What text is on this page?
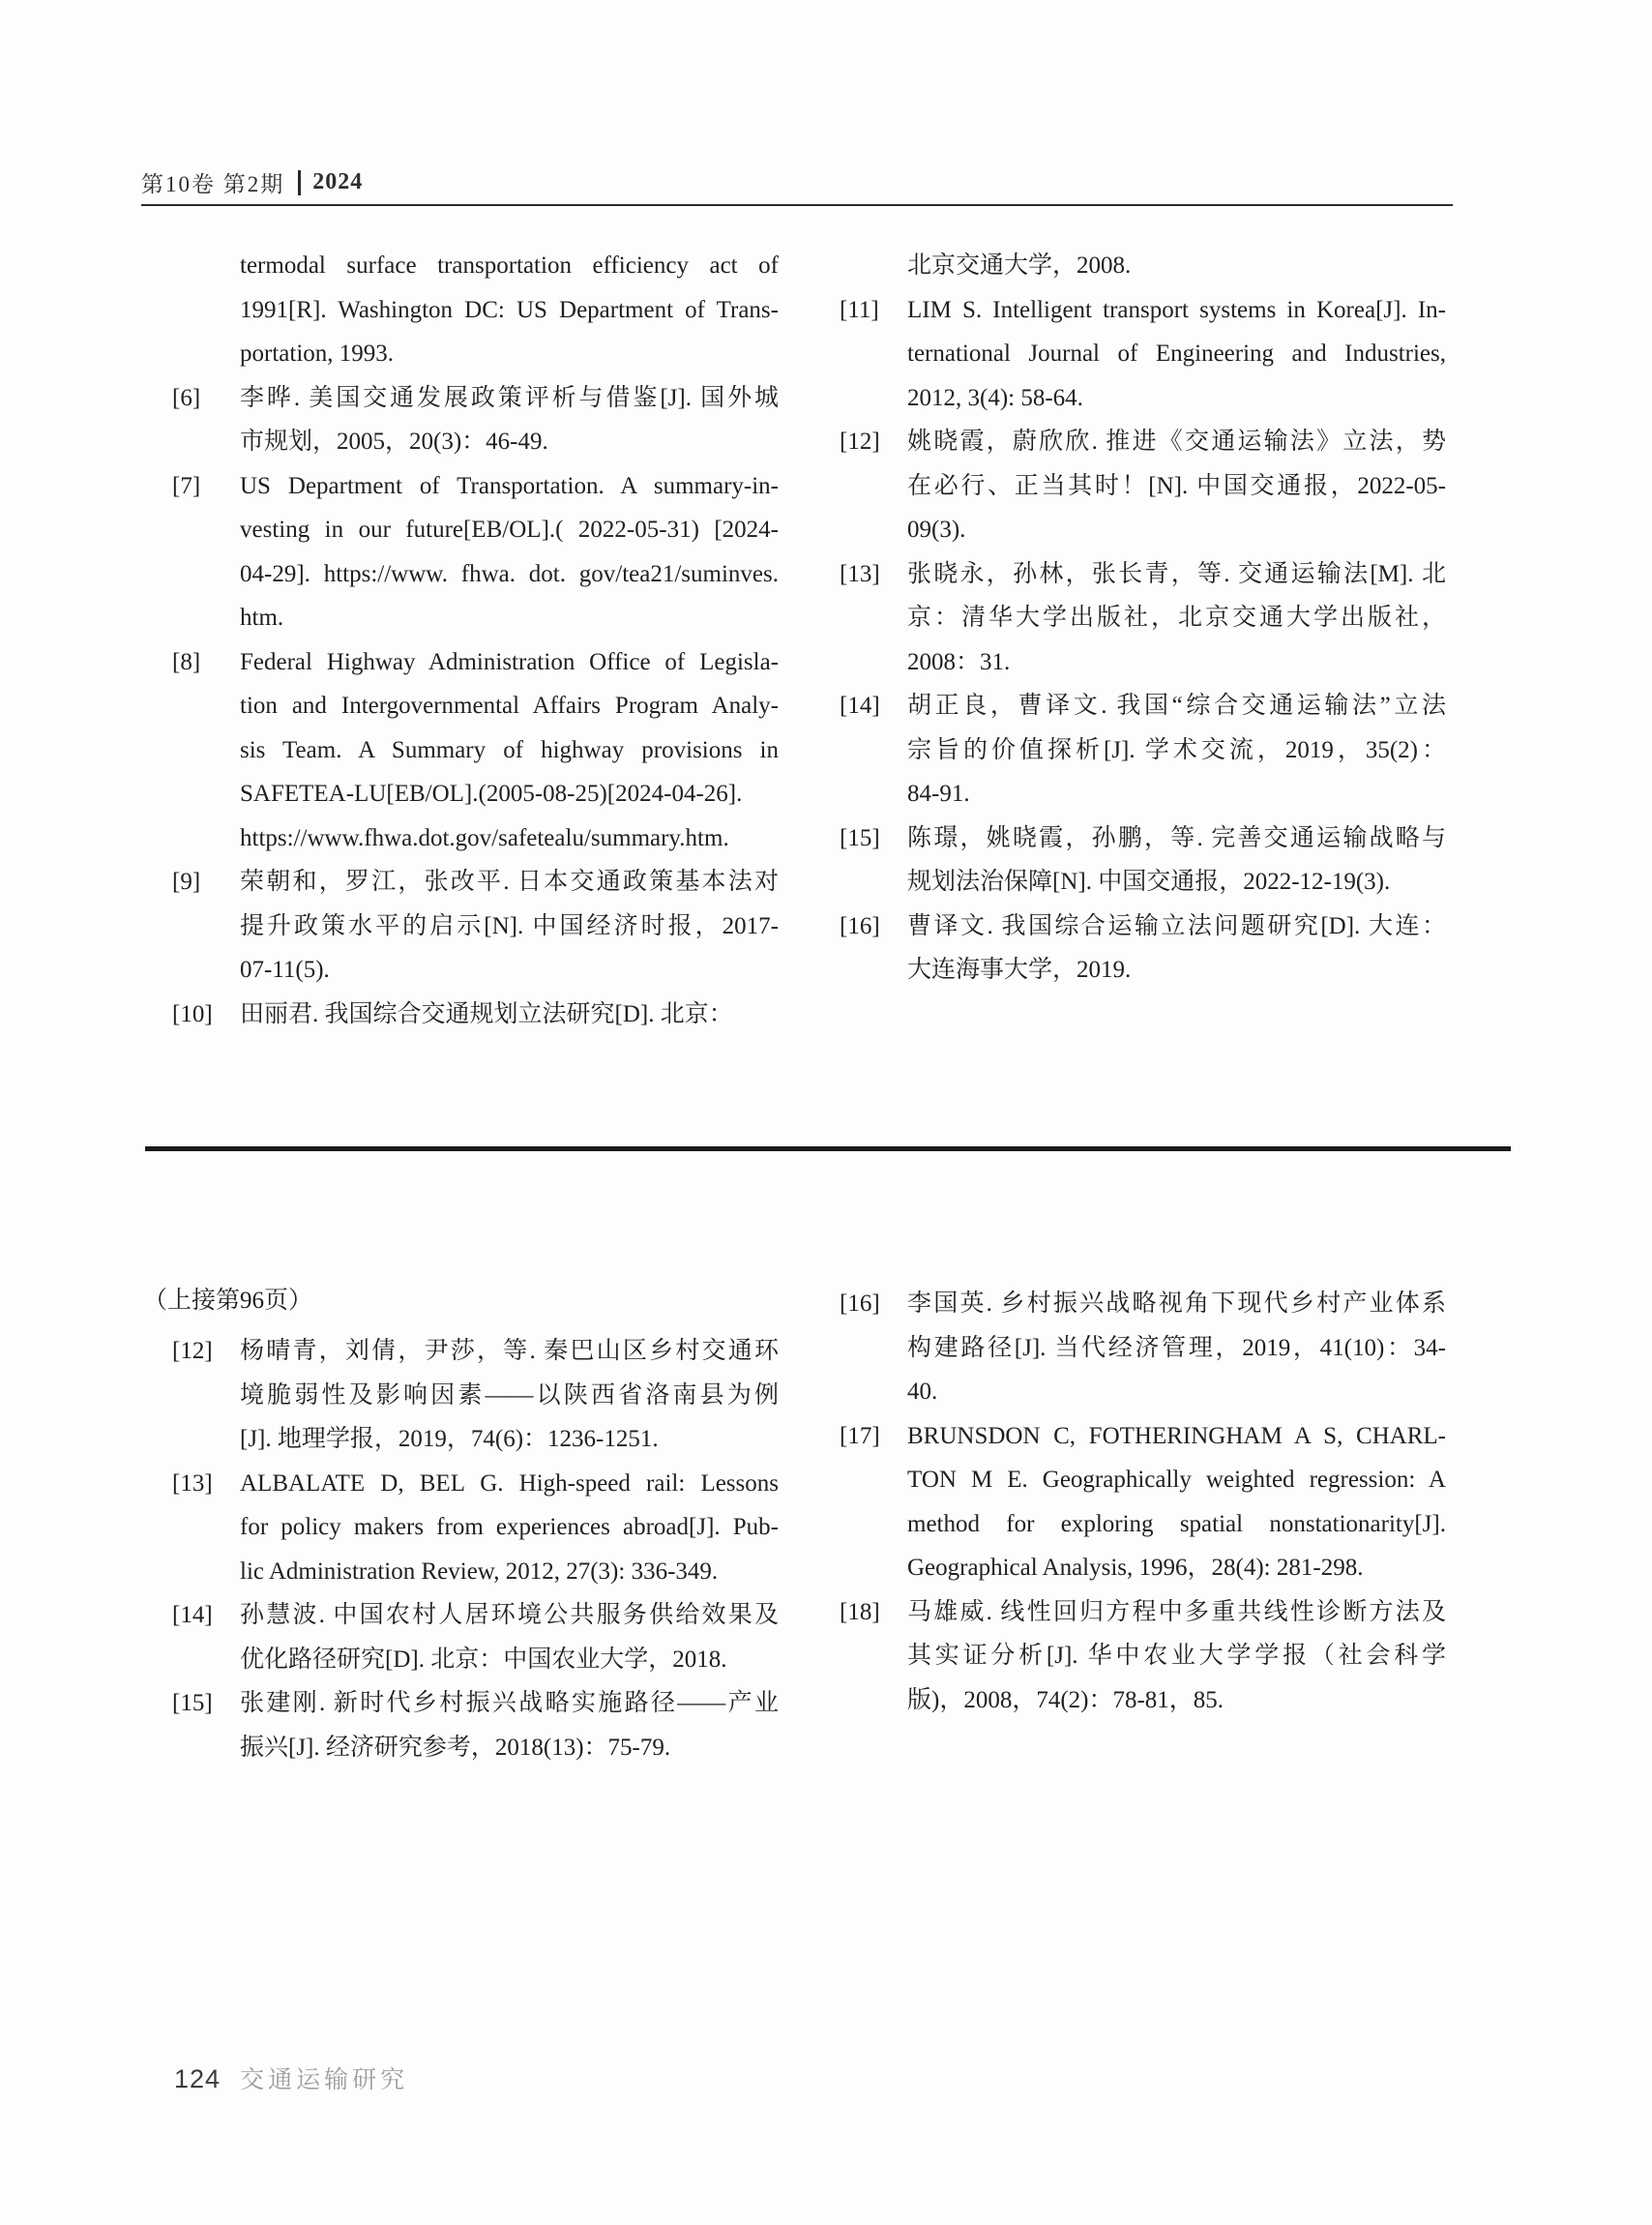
第10卷 第2期 2024
termodal surface transportation efficiency act of
1991[R]. Washington DC: US Department of Trans-
portation, 1993.
[6]	李晔. 美国交通发展政策评析与借鉴[J]. 国外城
市规划，2005，20(3)：46-49.
[7]	US Department of Transportation. A summary-in-
vesting in our future[EB/OL].( 2022-05-31) [2024-
04-29]. https://www. fhwa. dot. gov/tea21/suminves.
htm.
[8]	Federal Highway Administration Office of Legisla-
tion and Intergovernmental Affairs Program Analy-
sis Team. A Summary of highway provisions in
SAFETEA-LU[EB/OL].(2005-08-25)[2024-04-26].
https://www.fhwa.dot.gov/safetealu/summary.htm.
[9]	荣朝和，罗江，张改平. 日本交通政策基本法对
提升政策水平的启示[N]. 中国经济时报，2017-
07-11(5).
[10]	田丽君. 我国综合交通规划立法研究[D]. 北京：
北京交通大学，2008.
[11]	LIM S. Intelligent transport systems in Korea[J]. In-
ternational Journal of Engineering and Industries,
2012, 3(4): 58-64.
[12]	姚晓霞，蔚欣欣. 推进《交通运输法》立法，势
在必行、正当其时！[N]. 中国交通报，2022-05-
09(3).
[13]	张晓永，孙林，张长青，等. 交通运输法[M]. 北
京：清华大学出版社，北京交通大学出版社，
2008：31.
[14]	胡正良，曹译文. 我国“综合交通运输法”立法
宗旨的价值探析[J]. 学术交流，2019，35(2)：
84-91.
[15]	陈璟，姚晓霞，孙鹏，等. 完善交通运输战略与
规划法治保障[N]. 中国交通报，2022-12-19(3).
[16]	曹译文. 我国综合运输立法问题研究[D]. 大连：
大连海事大学，2019.
（上接第96页）
[12]	杨晴青，刘倩，尹莎，等. 秦巴山区乡村交通环
境脆弱性及影响因素——以陕西省洛南县为例
[J]. 地理学报，2019，74(6)：1236-1251.
[13]	ALBALATE D, BEL G. High-speed rail: Lessons
for policy makers from experiences abroad[J]. Pub-
lic Administration Review, 2012, 27(3): 336-349.
[14]	孙慧波. 中国农村人居环境公共服务供给效果及
优化路径研究[D]. 北京：中国农业大学，2018.
[15]	张建刚. 新时代乡村振兴战略实施路径——产业
振兴[J]. 经济研究参考，2018(13)：75-79.
[16]	李国英. 乡村振兴战略视角下现代乡村产业体系
构建路径[J]. 当代经济管理，2019，41(10)：34-
40.
[17]	BRUNSDON C, FOTHERINGHAM A S, CHARL-
TON M E. Geographically weighted regression: A
method for exploring spatial nonstationarity[J].
Geographical Analysis, 1996，28(4): 281-298.
[18]	马雄威. 线性回归方程中多重共线性诊断方法及
其实证分析[J]. 华中农业大学学报（社会科学
版)，2008，74(2)：78-81，85.
124 交通运输研究
